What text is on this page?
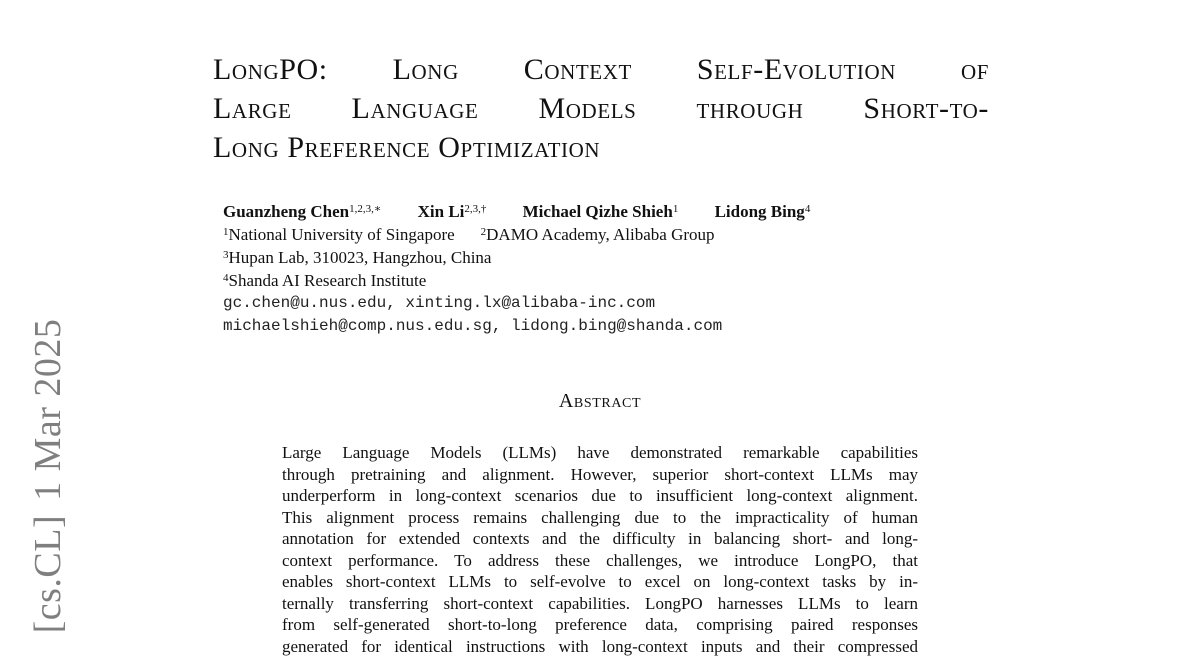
[cs.CL]1 Mar 2025
LongPO: Long Context Self-Evolution of
Large Language Models through Short-to-
Long Preference Optimization
Guanzheng Chen$^{1,2,3,∗}$ Xin $Li^{2,3,\dagger}$ Michael Qizhe Shieh$^1$ Lidong Bing$^4$
$^1$National University of Singapore $^2$DAMO Academy, Alibaba Group
$^3$Hupan Lab, 310023, Hangzhou, China
$^4$Shanda AI Research Institute
gc.chen@u.nus.edu, xinting.lx@alibaba-inc.com
michaelshieh@comp.nus.edu.sg, lidong.bing@shanda.com
Abstract

Large Language Models (LLMs) have demonstrated remarkable capabilities
through pretraining and alignment. However, superior short-context LLMs may
underperform in long-context scenarios due to insufficient long-context alignment.
This alignment process remains challenging due to the impracticality of human
annotation for extended contexts and the difficulty in balancing short- and long-
context performance. To address these challenges, we introduce LongPO, that
enables short-context LLMs to self-evolve to excel on long-context tasks by in-
ternally transferring short-context capabilities. LongPO harnesses LLMs to learn
from self-generated short-to-long preference data, comprising paired responses
generated for identical instructions with long-context inputs and their compressed
